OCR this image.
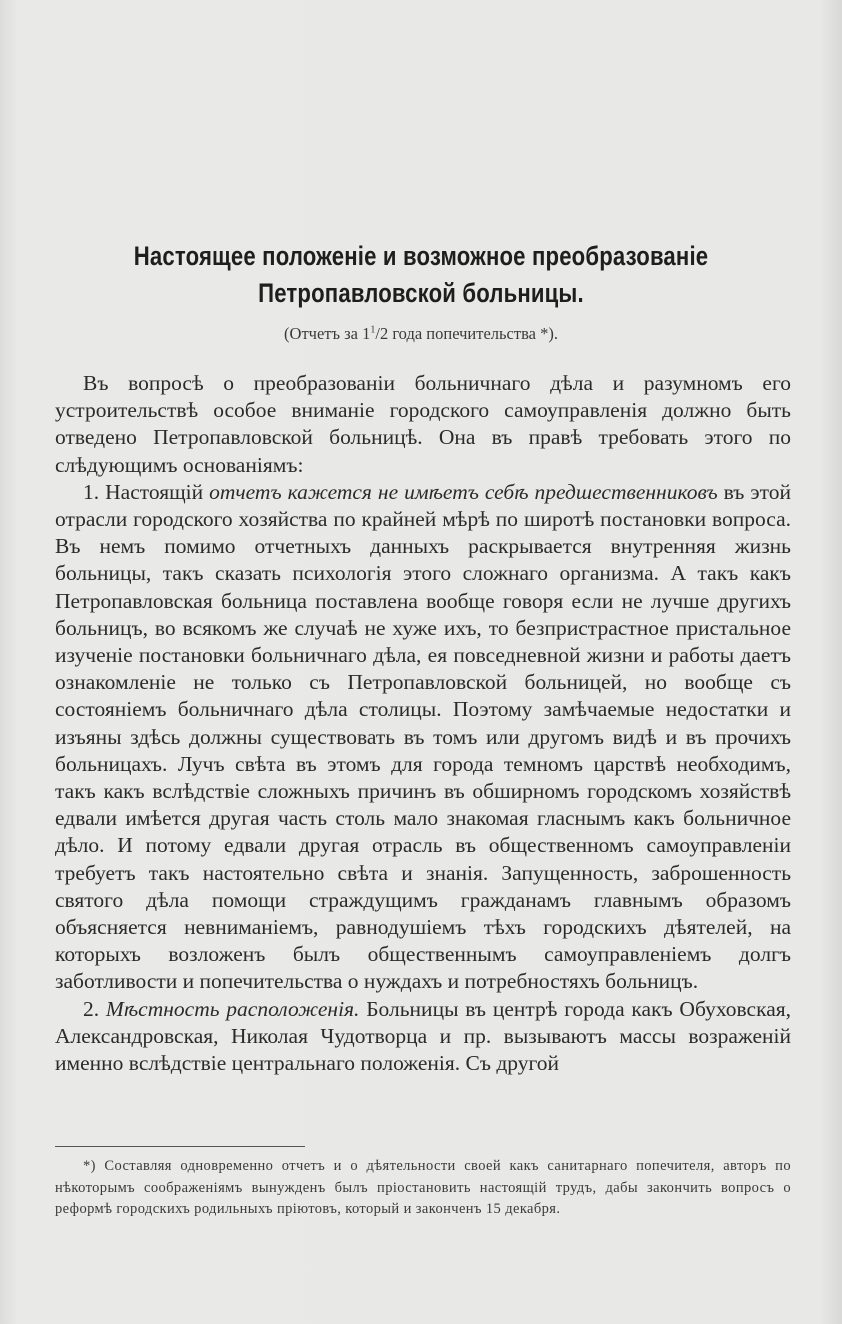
Настоящее положеніе и возможное преобразованіе Петропавловской больницы.
(Отчетъ за $1^1/2$ года попечительства *).

Въ вопросѣ о преобразованіи больничнаго дѣла и разумномъ его устроительствѣ особое вниманіе городского самоуправленія должно быть отведено Петропавловской больницѣ. Она въ правѣ требовать этого по слѣдующимъ основаніямъ:

1. Настоящій отчетъ кажется не имѣетъ себѣ предшественниковъ въ этой отрасли городского хозяйства по крайней мѣрѣ по широтѣ постановки вопроса. Въ немъ помимо отчетныхъ данныхъ раскрывается внутренняя жизнь больницы, такъ сказать психологія этого сложнаго организма. А такъ какъ Петропавловская больница поставлена вообще говоря если не лучше другихъ больницъ, во всякомъ же случаѣ не хуже ихъ, то безпристрастное пристальное изученіе постановки больничнаго дѣла, ея повседневной жизни и работы даетъ ознакомленіе не только съ Петропавловской больницей, но вообще съ состояніемъ больничнаго дѣла столицы. Поэтому замѣчаемые недостатки и изъяны здѣсь должны существовать въ томъ или другомъ видѣ и въ прочихъ больницахъ. Лучъ свѣта въ этомъ для города темномъ царствѣ необходимъ, такъ какъ вслѣдствіе сложныхъ причинъ въ обширномъ городскомъ хозяйствѣ едвали имѣется другая часть столь мало знакомая гласнымъ какъ больничное дѣло. И потому едвали другая отрасль въ общественномъ самоуправленіи требуетъ такъ настоятельно свѣта и знанія. Запущенность, заброшенность святого дѣла помощи страждущимъ гражданамъ главнымъ образомъ объясняется невниманіемъ, равнодушіемъ тѣхъ городскихъ дѣятелей, на которыхъ возложенъ былъ общественнымъ самоуправленіемъ долгъ заботливости и попечительства о нуждахъ и потребностяхъ больницъ.

2. Мѣстность расположенія. Больницы въ центрѣ города какъ Обуховская, Александровская, Николая Чудотворца и пр. вызываютъ массы возраженій именно вслѣдствіе центральнаго положенія. Съ другой

*) Составляя одновременно отчетъ и о дѣятельности своей какъ санитарнаго попечителя, авторъ по нѣкоторымъ соображеніямъ вынужденъ былъ пріостановить настоящій трудъ, дабы закончить вопросъ о реформѣ городскихъ родильныхъ пріютовъ, который и законченъ 15 декабря.
